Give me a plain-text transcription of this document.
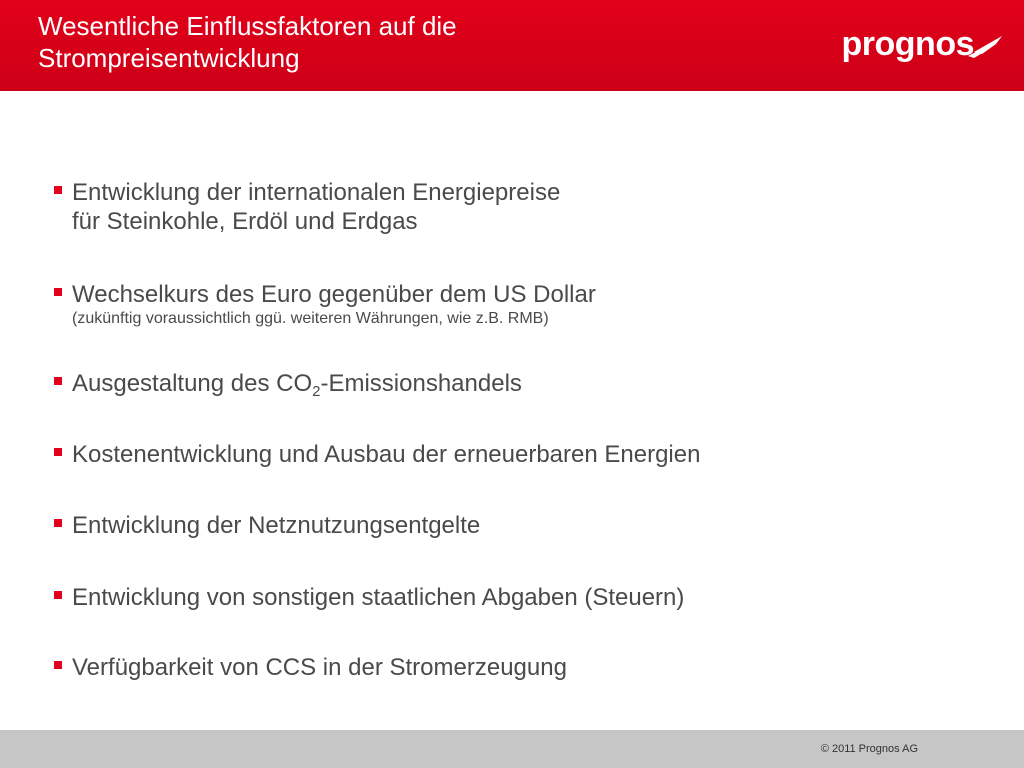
Wesentliche Einflussfaktoren auf die
Strompreisentwicklung	prognos
Entwicklung der internationalen Energiepreise
für Steinkohle, Erdöl und Erdgas
Wechselkurs des Euro gegenüber dem US Dollar
(zukünftig voraussichtlich ggü. weiteren Währungen, wie z.B. RMB)
Ausgestaltung des $CO_2$-Emissionshandels
Kostenentwicklung und Ausbau der erneuerbaren Energien
Entwicklung der Netznutzungsentgelte
Entwicklung von sonstigen staatlichen Abgaben (Steuern)
Verfügbarkeit von CCS in der Stromerzeugung
© 2011 Prognos AG
